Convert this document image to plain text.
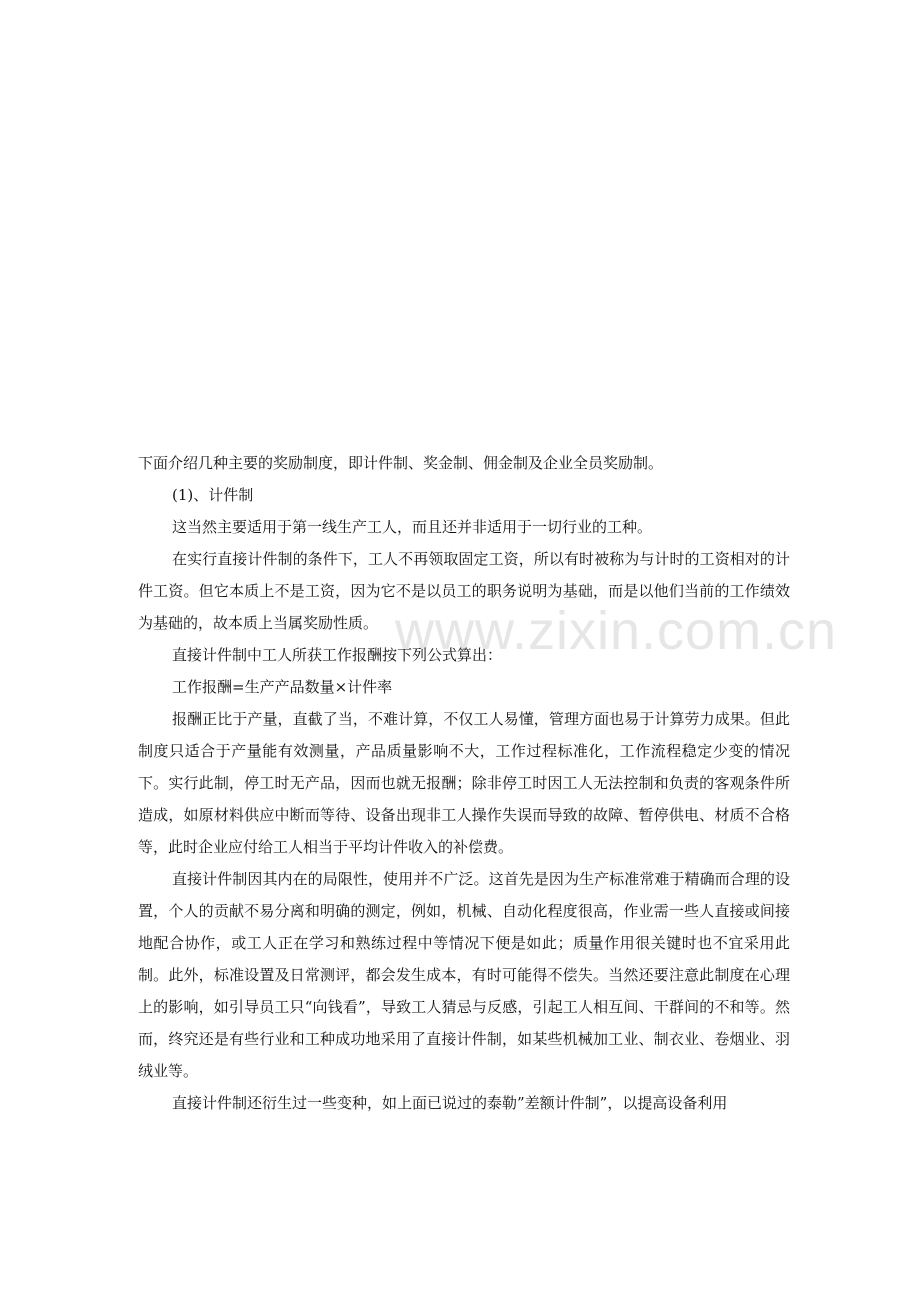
www.zixin.com.cn

下面介绍几种主要的奖励制度，即计件制、奖金制、佣金制及企业全员奖励制。

(1)、计件制

这当然主要适用于第一线生产工人，而且还并非适用于一切行业的工种。

在实行直接计件制的条件下，工人不再领取固定工资，所以有时被称为与计时的工资相对的计件工资。但它本质上不是工资，因为它不是以员工的职务说明为基础，而是以他们当前的工作绩效为基础的，故本质上当属奖励性质。

直接计件制中工人所获工作报酬按下列公式算出：

工作报酬=生产产品数量×计件率

报酬正比于产量，直截了当，不难计算，不仅工人易懂，管理方面也易于计算劳力成果。但此制度只适合于产量能有效测量，产品质量影响不大，工作过程标准化，工作流程稳定少变的情况下。实行此制，停工时无产品，因而也就无报酬；除非停工时因工人无法控制和负责的客观条件所造成，如原材料供应中断而等待、设备出现非工人操作失误而导致的故障、暂停供电、材质不合格等，此时企业应付给工人相当于平均计件收入的补偿费。

直接计件制因其内在的局限性，使用并不广泛。这首先是因为生产标准常难于精确而合理的设置，个人的贡献不易分离和明确的测定，例如，机械、自动化程度很高，作业需一些人直接或间接地配合协作，或工人正在学习和熟练过程中等情况下便是如此；质量作用很关键时也不宜采用此制。此外，标准设置及日常测评，都会发生成本，有时可能得不偿失。当然还要注意此制度在心理上的影响，如引导员工只“向钱看”，导致工人猜忌与反感，引起工人相互间、干群间的不和等。然而，终究还是有些行业和工种成功地采用了直接计件制，如某些机械加工业、制衣业、卷烟业、羽绒业等。

直接计件制还衍生过一些变种，如上面已说过的泰勒”差额计件制”，以提高设备利用
